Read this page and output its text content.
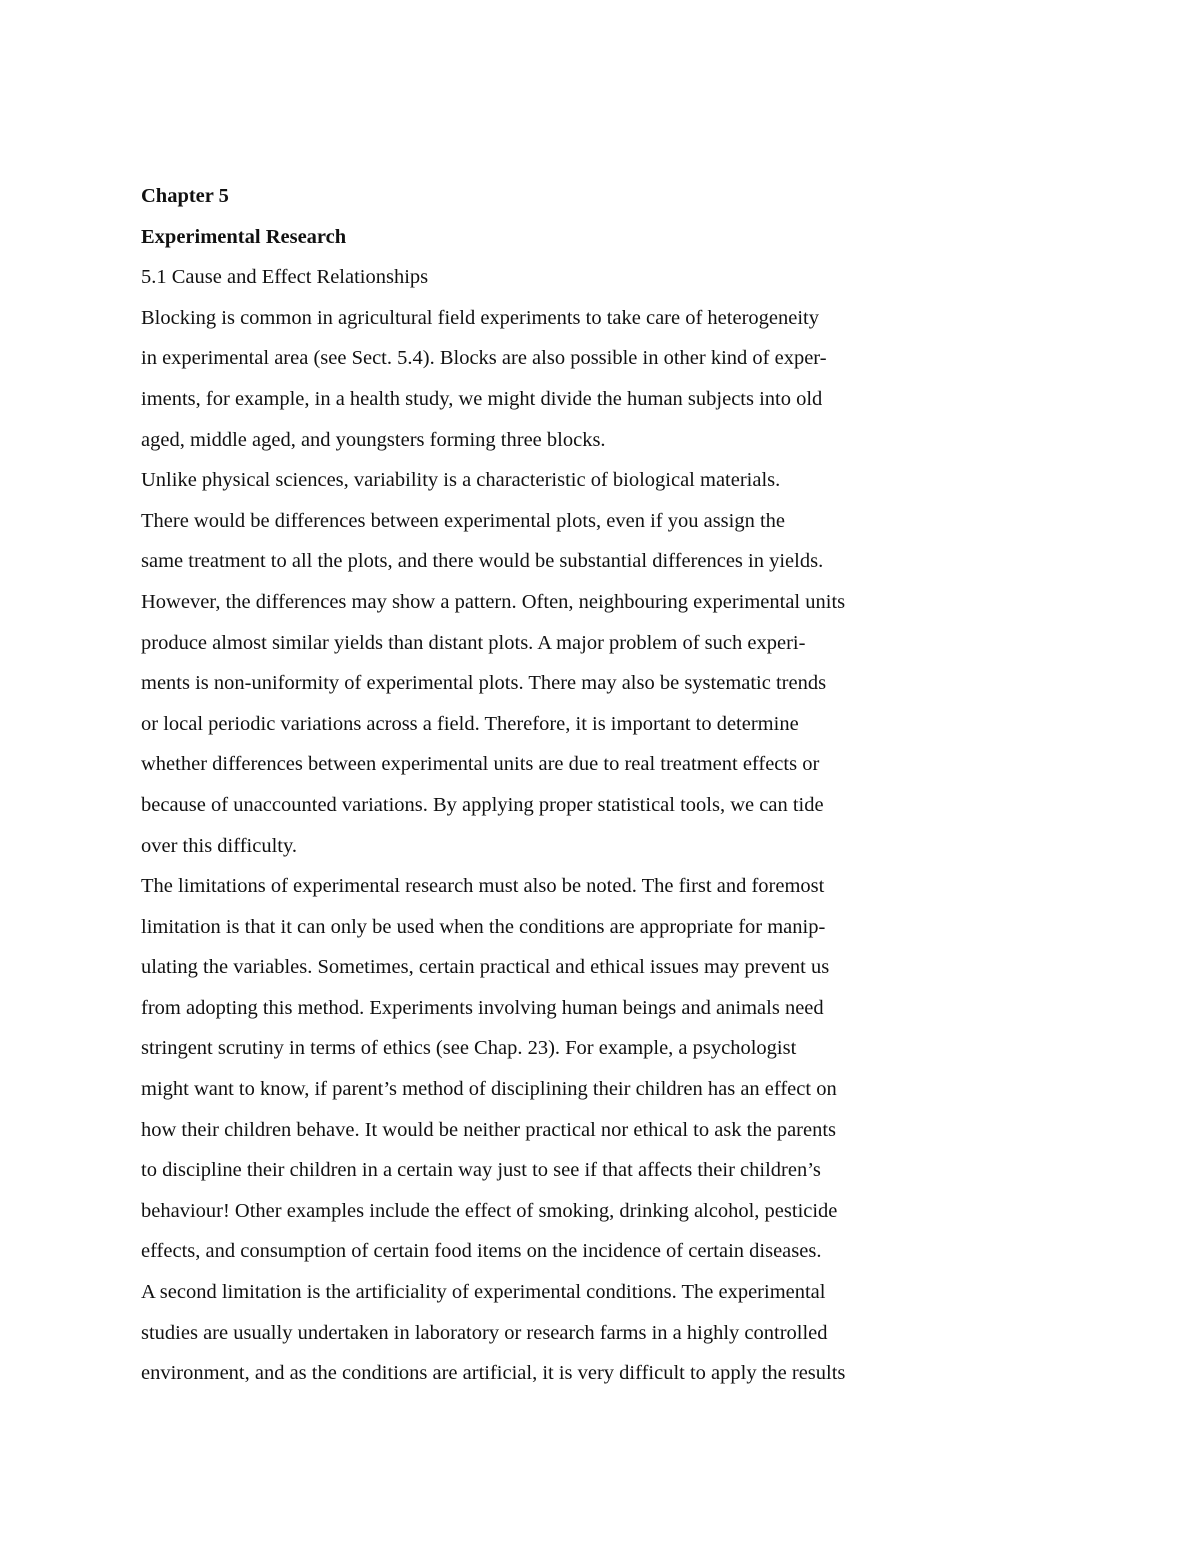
Chapter 5
Experimental Research
5.1 Cause and Effect Relationships
Blocking is common in agricultural field experiments to take care of heterogeneity
in experimental area (see Sect. 5.4). Blocks are also possible in other kind of exper-
iments, for example, in a health study, we might divide the human subjects into old
aged, middle aged, and youngsters forming three blocks.
Unlike physical sciences, variability is a characteristic of biological materials.
There would be differences between experimental plots, even if you assign the
same treatment to all the plots, and there would be substantial differences in yields.
However, the differences may show a pattern. Often, neighbouring experimental units
produce almost similar yields than distant plots. A major problem of such experi-
ments is non-uniformity of experimental plots. There may also be systematic trends
or local periodic variations across a field. Therefore, it is important to determine
whether differences between experimental units are due to real treatment effects or
because of unaccounted variations. By applying proper statistical tools, we can tide
over this difficulty.
The limitations of experimental research must also be noted. The first and foremost
limitation is that it can only be used when the conditions are appropriate for manip-
ulating the variables. Sometimes, certain practical and ethical issues may prevent us
from adopting this method. Experiments involving human beings and animals need
stringent scrutiny in terms of ethics (see Chap. 23). For example, a psychologist
might want to know, if parent’s method of disciplining their children has an effect on
how their children behave. It would be neither practical nor ethical to ask the parents
to discipline their children in a certain way just to see if that affects their children’s
behaviour! Other examples include the effect of smoking, drinking alcohol, pesticide
effects, and consumption of certain food items on the incidence of certain diseases.
A second limitation is the artificiality of experimental conditions. The experimental
studies are usually undertaken in laboratory or research farms in a highly controlled
environment, and as the conditions are artificial, it is very difficult to apply the results
